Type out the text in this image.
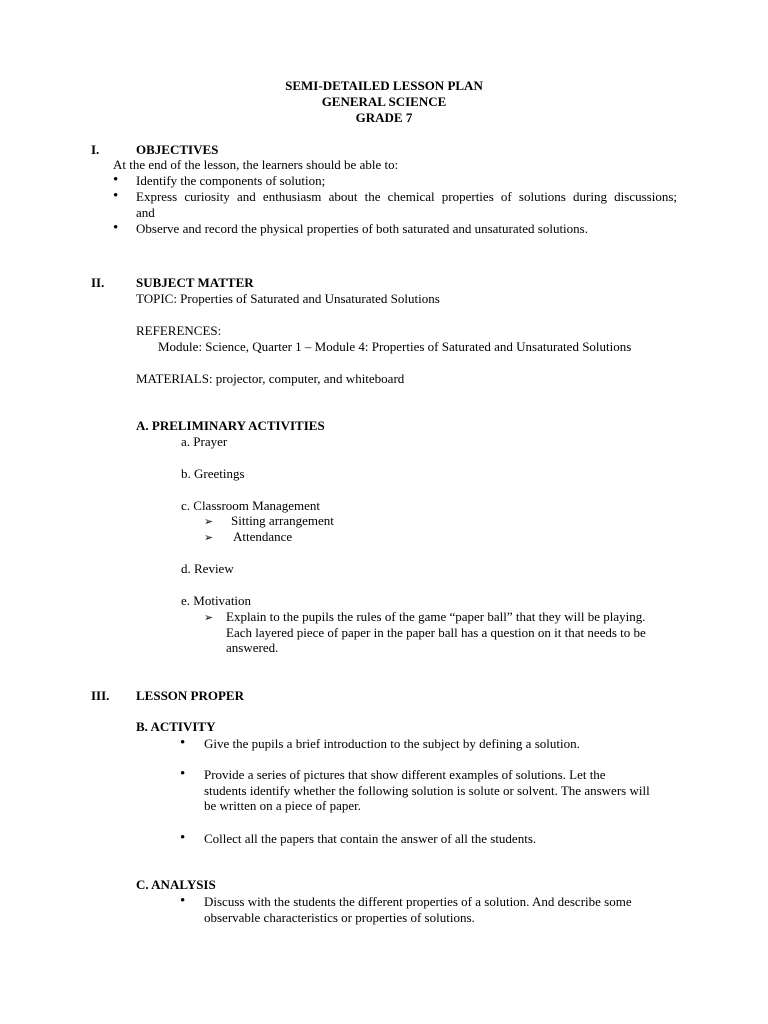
SEMI-DETAILED LESSON PLAN
GENERAL SCIENCE
GRADE 7
I.	OBJECTIVES
At the end of the lesson, the learners should be able to:
•
Identify the components of solution;
•
Express curiosity and enthusiasm about the chemical properties of solutions during discussions;
and
•
Observe and record the physical properties of both saturated and unsaturated solutions.
II. SUBJECT MATTER
TOPIC: Properties of Saturated and Unsaturated Solutions
REFERENCES:
Module: Science, Quarter 1 – Module 4: Properties of Saturated and Unsaturated Solutions
MATERIALS: projector, computer, and whiteboard
A. PRELIMINARY ACTIVITIES
a. Prayer
b. Greetings
c. Classroom Management
➢
Sitting arrangement
➢
Attendance
d. Review
e. Motivation
➢
Explain to the pupils the rules of the game “paper ball” that they will be playing.
Each layered piece of paper in the paper ball has a question on it that needs to be
answered.
III. LESSON PROPER
B. ACTIVITY
•
Give the pupils a brief introduction to the subject by defining a solution.
•
Provide a series of pictures that show different examples of solutions. Let the
students identify whether the following solution is solute or solvent. The answers will
be written on a piece of paper.
•
Collect all the papers that contain the answer of all the students.
C. ANALYSIS
•
Discuss with the students the different properties of a solution. And describe some
observable characteristics or properties of solutions.
